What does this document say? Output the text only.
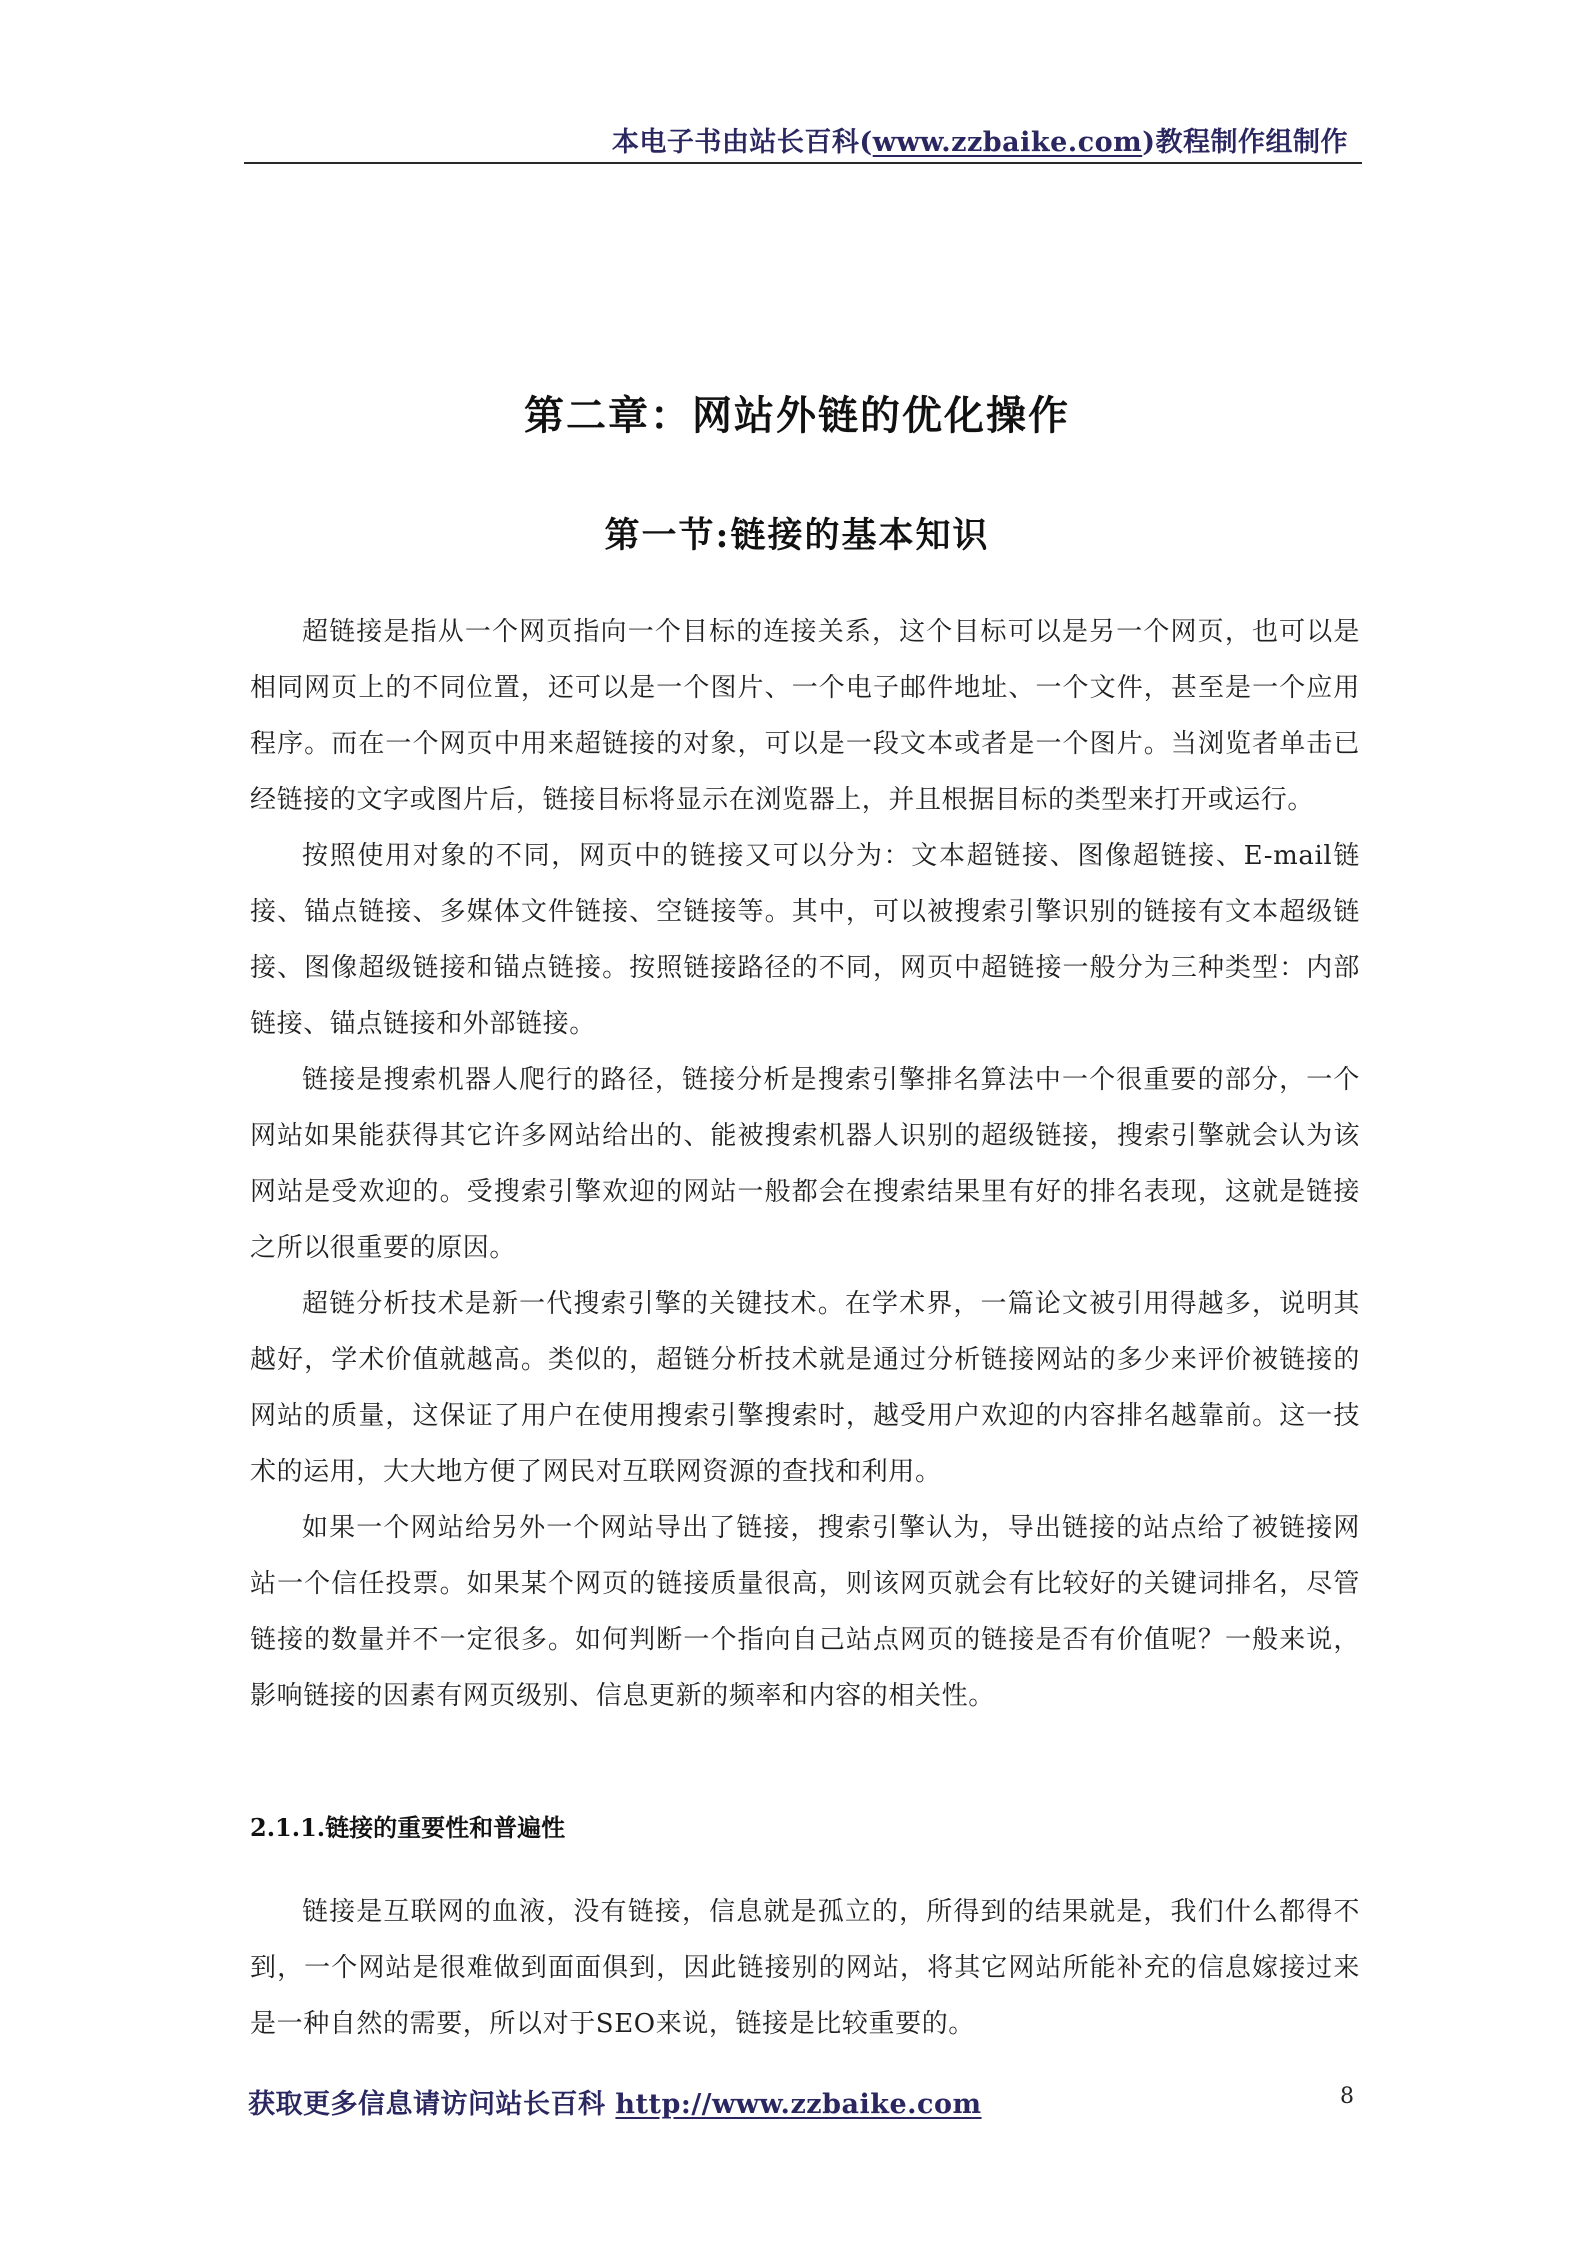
本电子书由站长百科(www.zzbaike.com)教程制作组制作
第二章：网站外链的优化操作
第一节:链接的基本知识

超链接是指从一个网页指向一个目标的连接关系，这个目标可以是另一个网页，也可以是相同网页上的不同位置，还可以是一个图片、一个电子邮件地址、一个文件，甚至是一个应用程序。而在一个网页中用来超链接的对象，可以是一段文本或者是一个图片。当浏览者单击已经链接的文字或图片后，链接目标将显示在浏览器上，并且根据目标的类型来打开或运行。

按照使用对象的不同，网页中的链接又可以分为：文本超链接、图像超链接、E-mail链接、锚点链接、多媒体文件链接、空链接等。其中，可以被搜索引擎识别的链接有文本超级链接、图像超级链接和锚点链接。按照链接路径的不同，网页中超链接一般分为三种类型：内部链接、锚点链接和外部链接。

链接是搜索机器人爬行的路径，链接分析是搜索引擎排名算法中一个很重要的部分，一个网站如果能获得其它许多网站给出的、能被搜索机器人识别的超级链接，搜索引擎就会认为该网站是受欢迎的。受搜索引擎欢迎的网站一般都会在搜索结果里有好的排名表现，这就是链接之所以很重要的原因。

超链分析技术是新一代搜索引擎的关键技术。在学术界，一篇论文被引用得越多，说明其越好，学术价值就越高。类似的，超链分析技术就是通过分析链接网站的多少来评价被链接的网站的质量，这保证了用户在使用搜索引擎搜索时，越受用户欢迎的内容排名越靠前。这一技术的运用，大大地方便了网民对互联网资源的查找和利用。

如果一个网站给另外一个网站导出了链接，搜索引擎认为，导出链接的站点给了被链接网站一个信任投票。如果某个网页的链接质量很高，则该网页就会有比较好的关键词排名，尽管链接的数量并不一定很多。如何判断一个指向自己站点网页的链接是否有价值呢？一般来说，影响链接的因素有网页级别、信息更新的频率和内容的相关性。

2.1.1.链接的重要性和普遍性

链接是互联网的血液，没有链接，信息就是孤立的，所得到的结果就是，我们什么都得不到，一个网站是很难做到面面俱到，因此链接别的网站，将其它网站所能补充的信息嫁接过来是一种自然的需要，所以对于SEO来说，链接是比较重要的。

获取更多信息请访问站长百科 http://www.zzbaike.com	8
